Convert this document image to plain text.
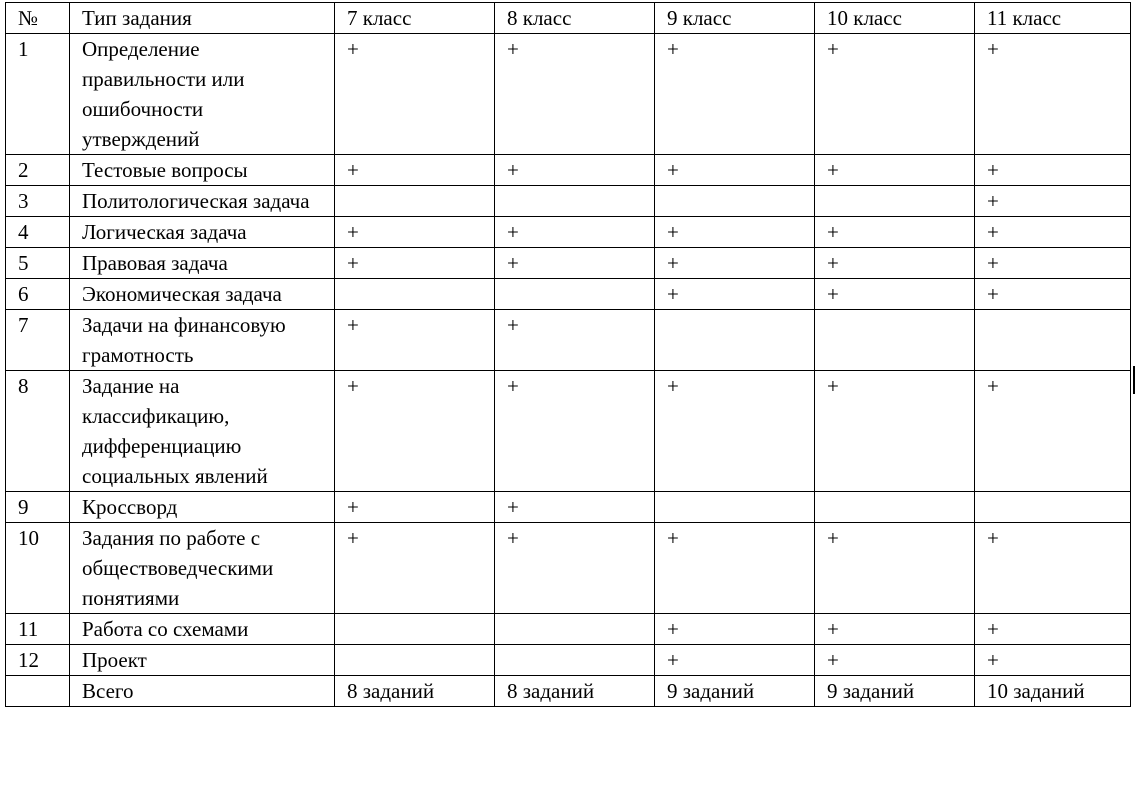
№	Тип задания	7 класс	8 класс	9 класс	10 класс	11 класс
1	Определение правильности или ошибочности утверждений	+	+	+	+	+
2	Тестовые вопросы	+	+	+	+	+
3	Политологическая задача					+
4	Логическая задача	+	+	+	+	+
5	Правовая задача	+	+	+	+	+
6	Экономическая задача			+	+	+
7	Задачи на финансовую грамотность	+	+			
8	Задание на классификацию, дифференциацию социальных явлений	+	+	+	+	+
9	Кроссворд	+	+			
10	Задания по работе с обществоведческими понятиями	+	+	+	+	+
11	Работа со схемами			+	+	+
12	Проект			+	+	+
	Всего	8 заданий	8 заданий	9 заданий	9 заданий	10 заданий
